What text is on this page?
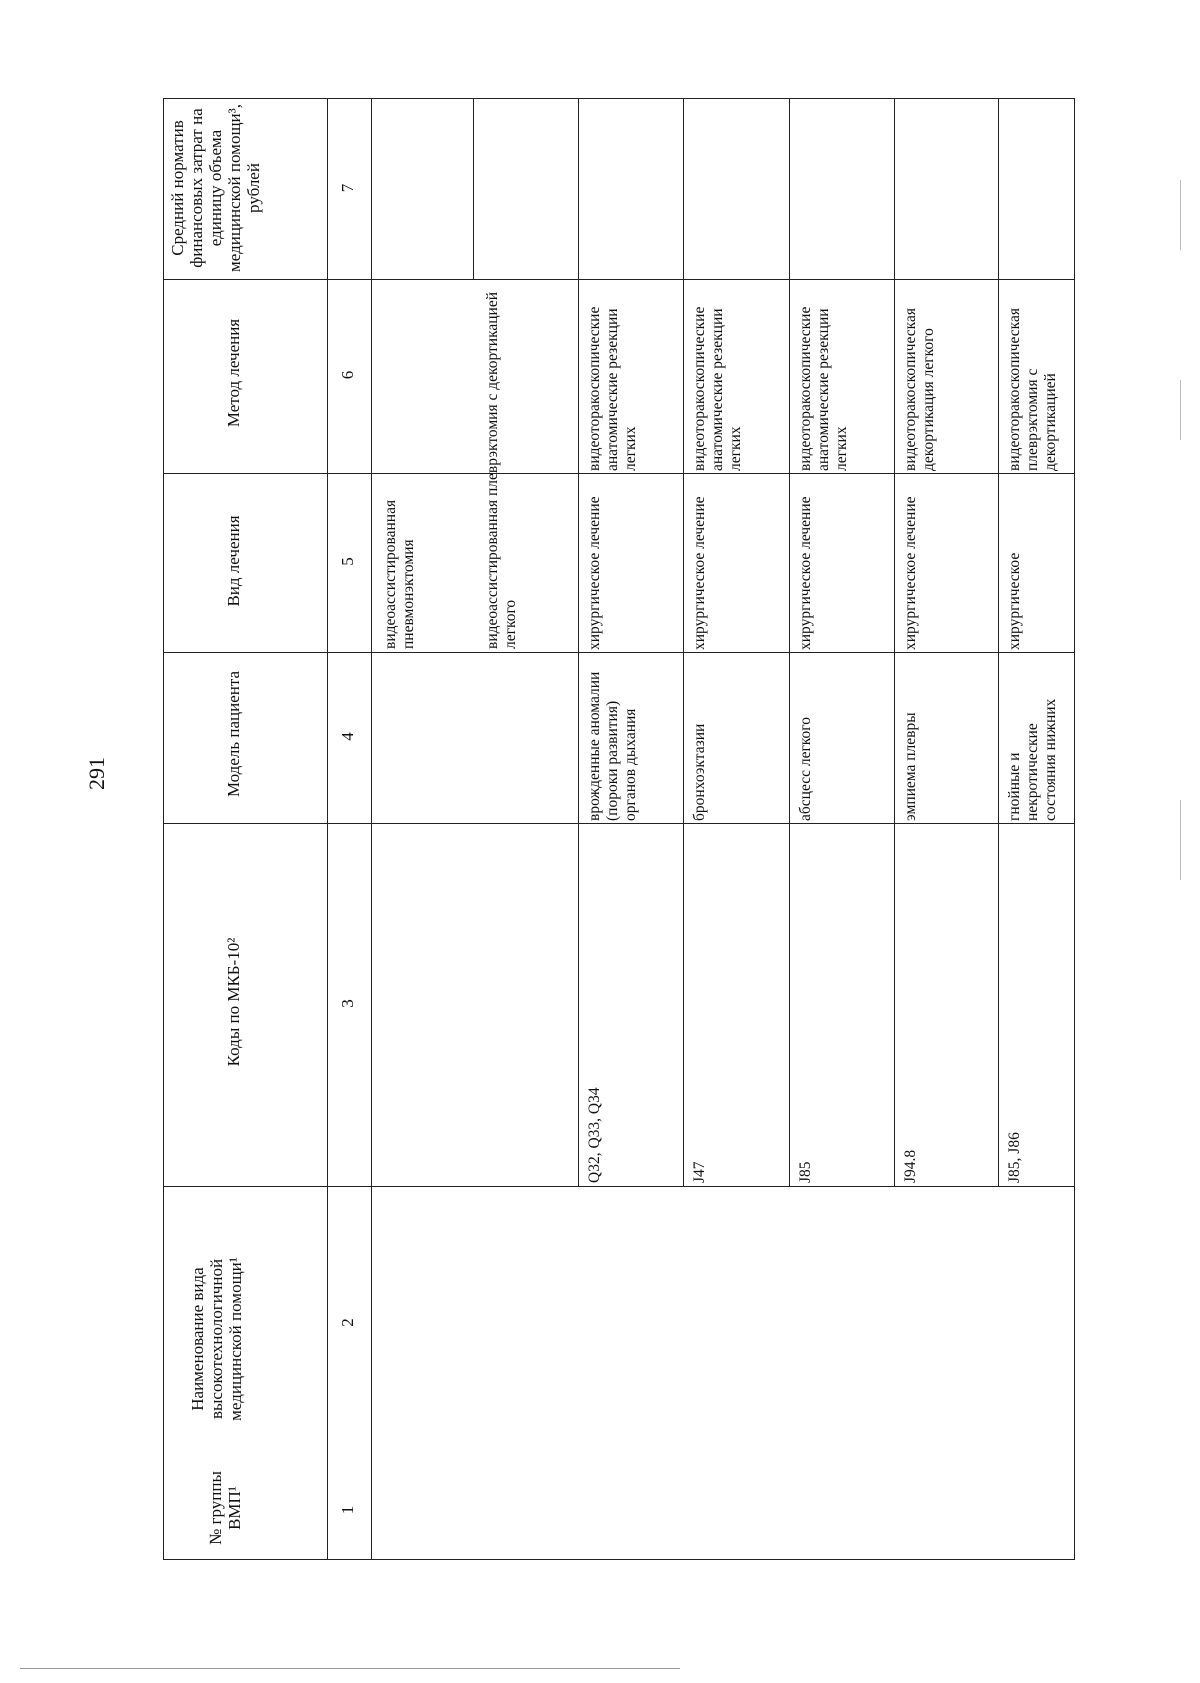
291
№ группы ВМП¹
Наименование вида высокотехнологичной медицинской помощи¹
Коды по МКБ-10²
Модель пациента
Вид лечения
Метод лечения
Средний норматив финансовых затрат на единицу объема медицинской помощи³, рублей
1
2
3
4
5
6
7
видеоассистированная пневмонэктомия	видеоассистированная плеврэктомия с декортикацией легкого
Q32, Q33, Q34
врожденные аномалии (пороки развития) органов дыхания
хирургическое лечение
видеоторакоскопические анатомические резекции легких
J47
бронхоэктазии
хирургическое лечение
видеоторакоскопические анатомические резекции легких
J85
абсцесс легкого
хирургическое лечение
видеоторакоскопические анатомические резекции легких
J94.8
эмпиема плевры
хирургическое лечение
видеоторакоскопическая декортикация легкого
J85, J86
гнойные и некротические состояния нижних
хирургическое
видеоторакоскопическая плеврэктомия с декортикацией
